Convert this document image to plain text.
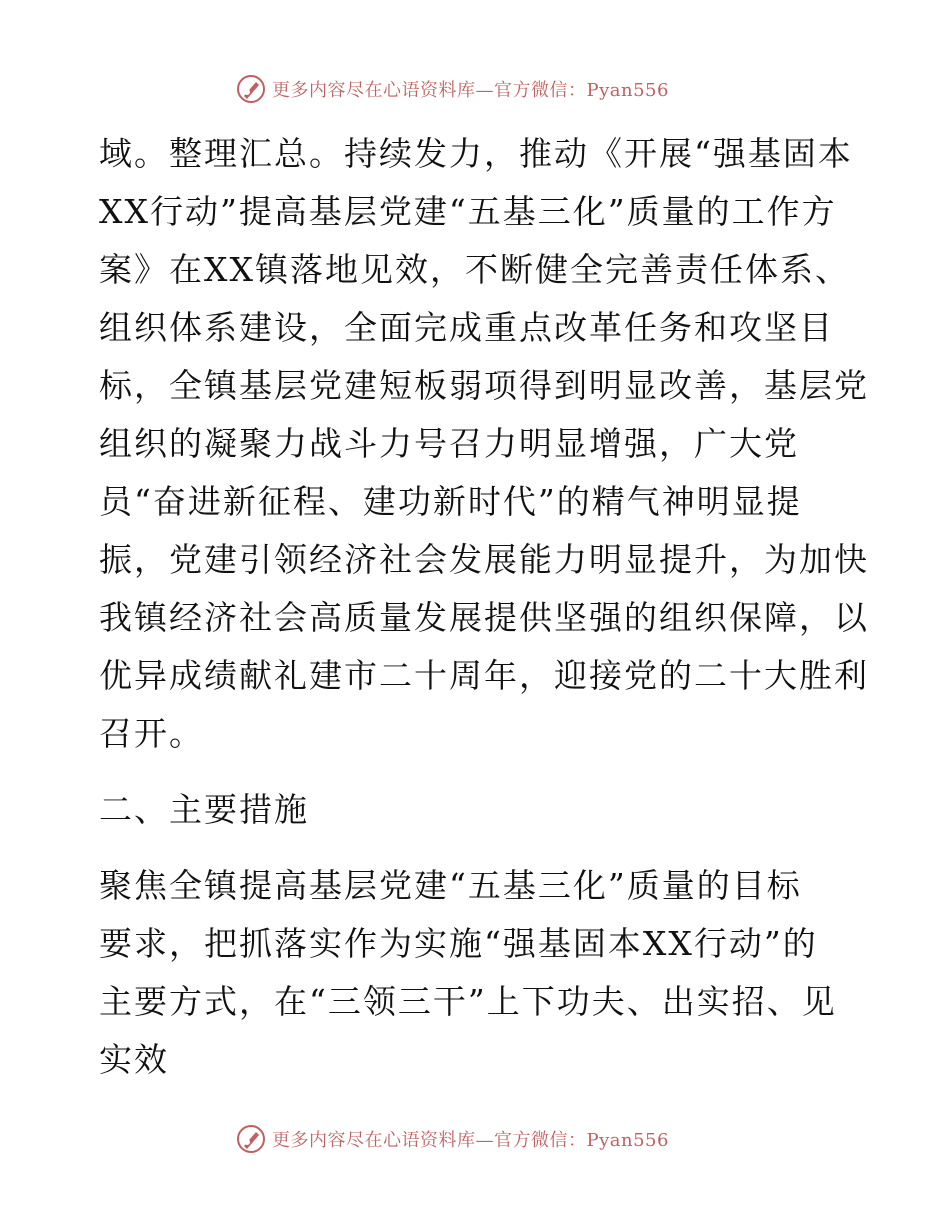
更多内容尽在心语资料库—官方微信：Pyan556
域。整理汇总。持续发力，推动《开展“强基固本
XX行动”提高基层党建“五基三化”质量的工作方
案》在XX镇落地见效，不断健全完善责任体系、
组织体系建设，全面完成重点改革任务和攻坚目
标，全镇基层党建短板弱项得到明显改善，基层党
组织的凝聚力战斗力号召力明显增强，广大党
员“奋进新征程、建功新时代”的精气神明显提
振，党建引领经济社会发展能力明显提升，为加快
我镇经济社会高质量发展提供坚强的组织保障，以
优异成绩献礼建市二十周年，迎接党的二十大胜利
召开。
二、主要措施
聚焦全镇提高基层党建“五基三化”质量的目标
要求，把抓落实作为实施“强基固本XX行动”的
主要方式，在“三领三干”上下功夫、出实招、见
实效
更多内容尽在心语资料库—官方微信：Pyan556
